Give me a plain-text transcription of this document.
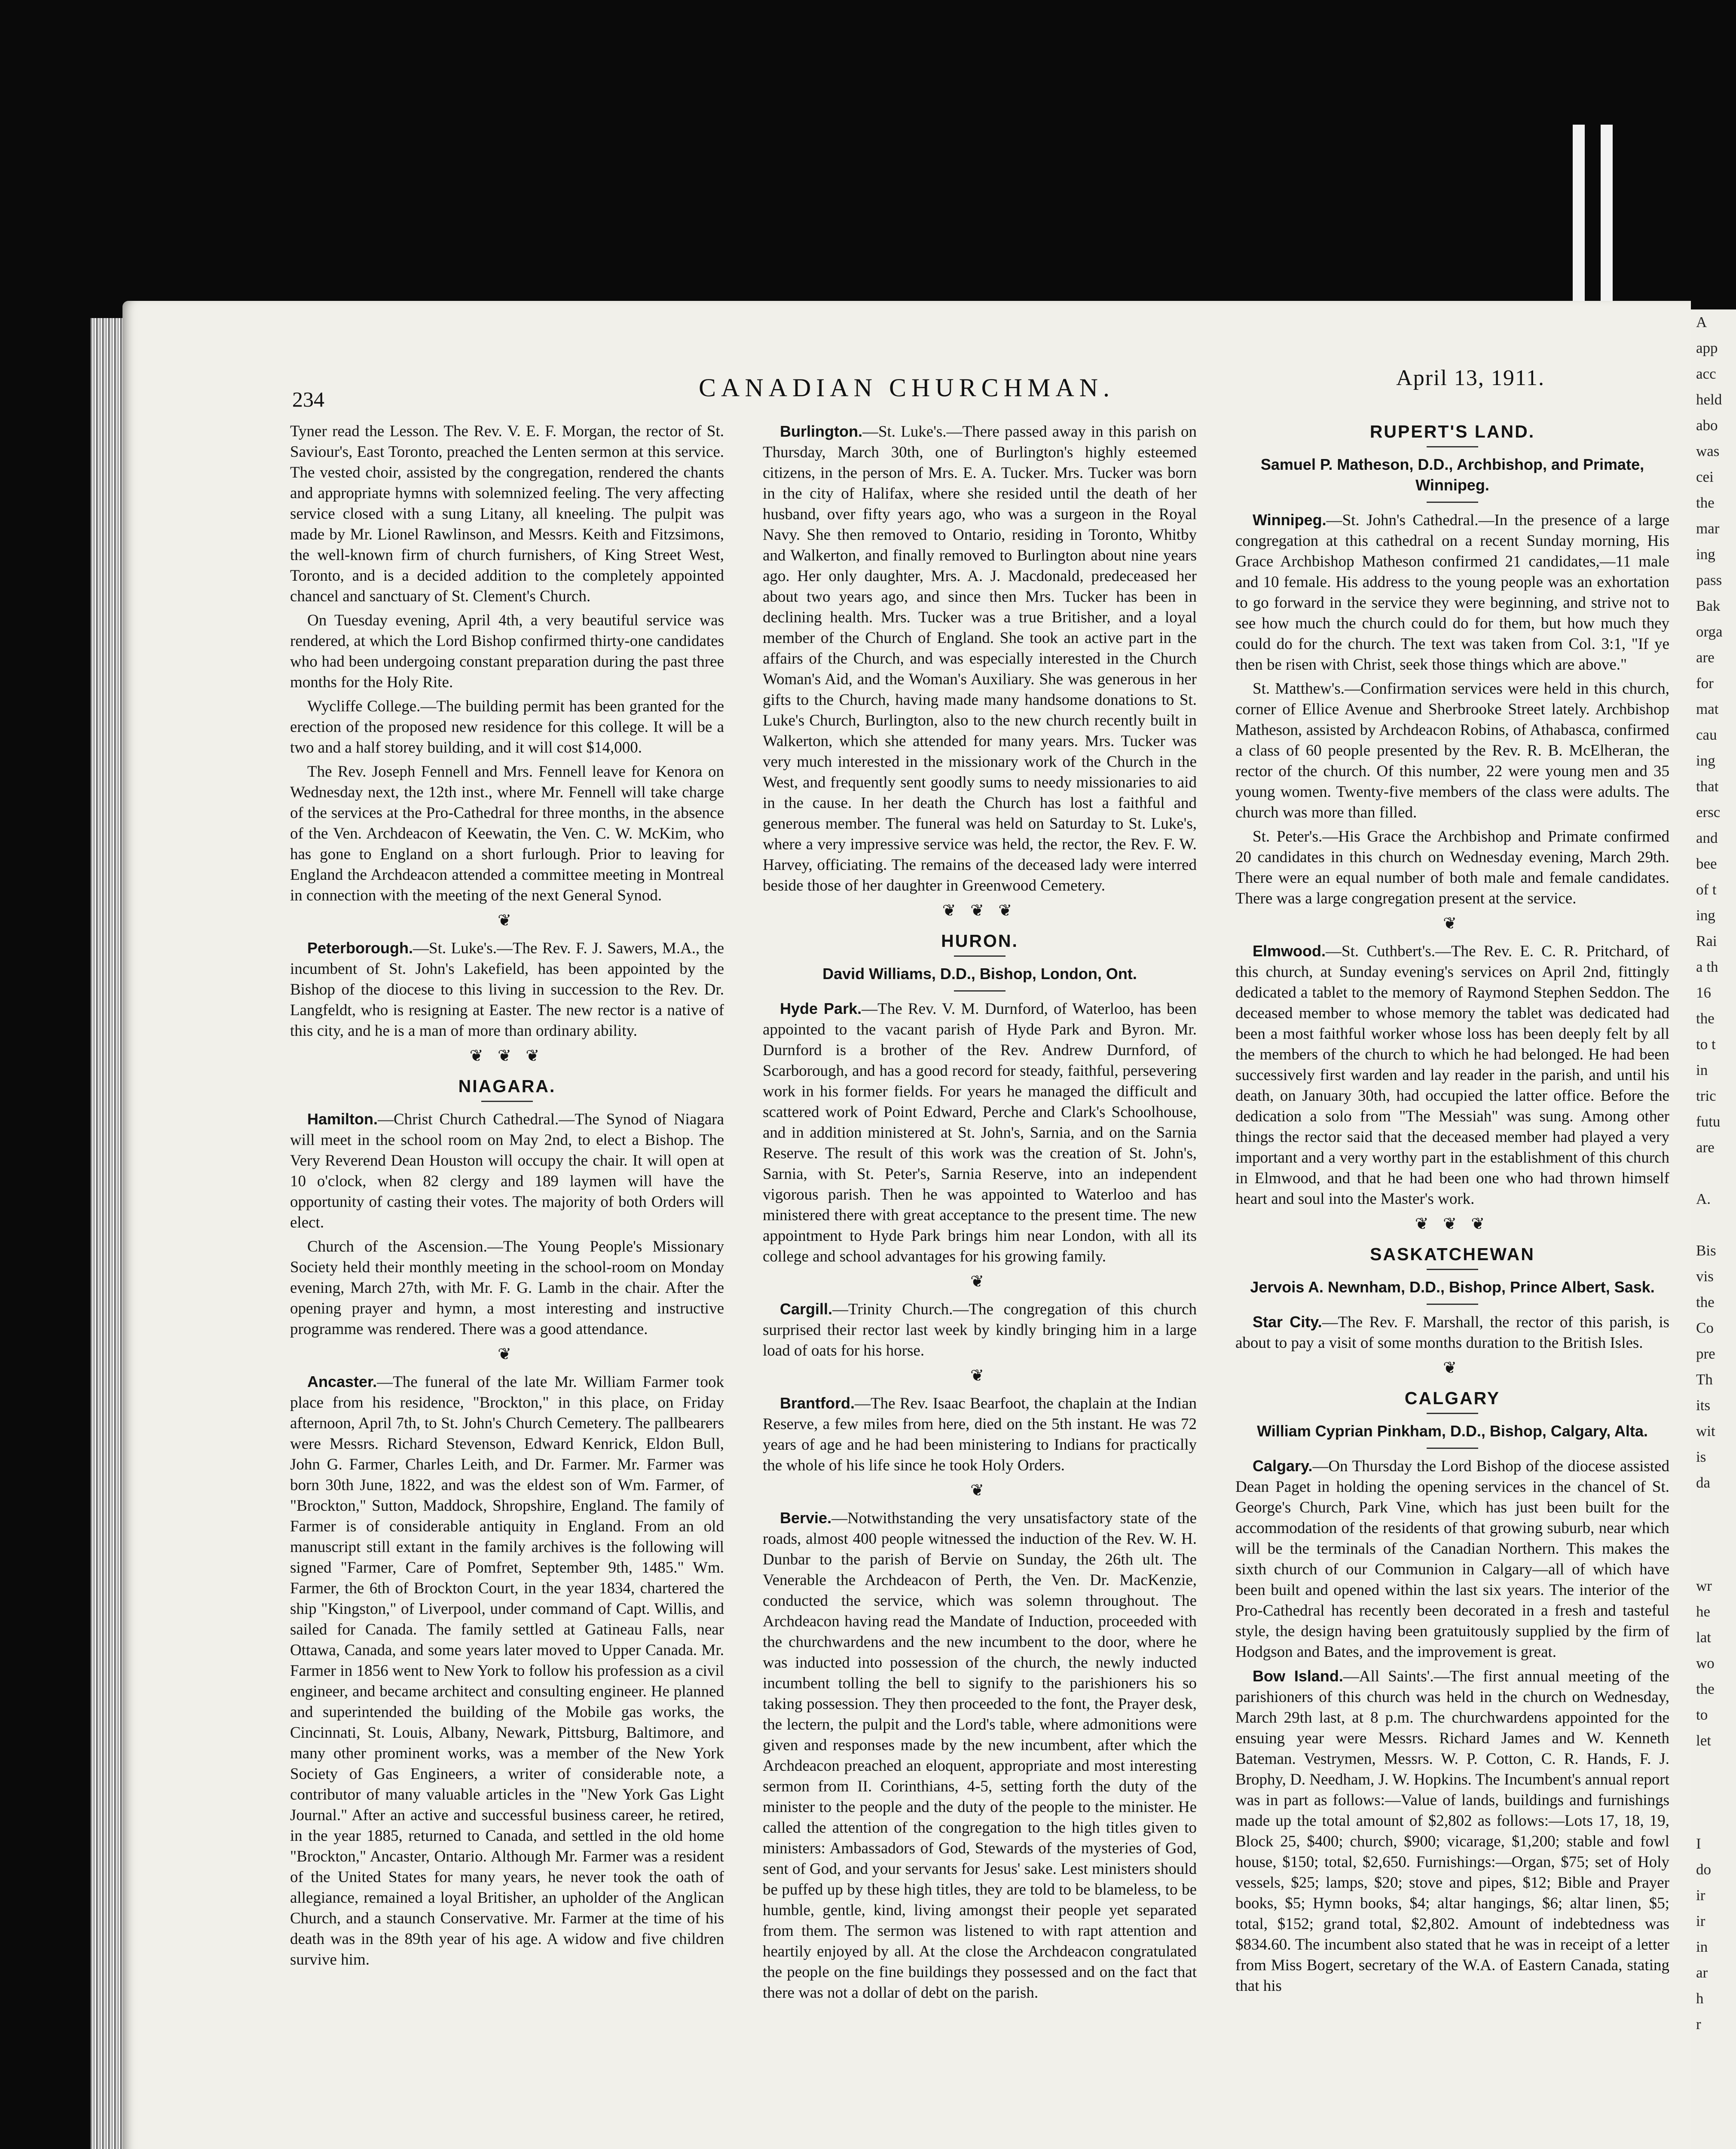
234	CANADIAN CHURCHMAN.	April 13, 1911.

Tyner read the Lesson. The Rev. V. E. F. Morgan, the rector of St. Saviour's, East Toronto, preached the Lenten sermon at this service. The vested choir, assisted by the congregation, rendered the chants and appropriate hymns with solemnized feeling. The very affecting service closed with a sung Litany, all kneeling. The pulpit was made by Mr. Lionel Rawlinson, and Messrs. Keith and Fitzsimons, the well-known firm of church furnishers, of King Street West, Toronto, and is a decided addition to the completely appointed chancel and sanctuary of St. Clement's Church.

On Tuesday evening, April 4th, a very beautiful service was rendered, at which the Lord Bishop confirmed thirty-one candidates who had been undergoing constant preparation during the past three months for the Holy Rite.

Wycliffe College.—The building permit has been granted for the erection of the proposed new residence for this college. It will be a two and a half storey building, and it will cost $14,000.

The Rev. Joseph Fennell and Mrs. Fennell leave for Kenora on Wednesday next, the 12th inst., where Mr. Fennell will take charge of the services at the Pro-Cathedral for three months, in the absence of the Ven. Archdeacon of Keewatin, the Ven. C. W. McKim, who has gone to England on a short furlough. Prior to leaving for England the Archdeacon attended a committee meeting in Montreal in connection with the meeting of the next General Synod.

❦

Peterborough.—St. Luke's.—The Rev. F. J. Sawers, M.A., the incumbent of St. John's Lakefield, has been appointed by the Bishop of the diocese to this living in succession to the Rev. Dr. Langfeldt, who is resigning at Easter. The new rector is a native of this city, and he is a man of more than ordinary ability.

❦ ❦ ❦
NIAGARA.

Hamilton.—Christ Church Cathedral.—The Synod of Niagara will meet in the school room on May 2nd, to elect a Bishop. The Very Reverend Dean Houston will occupy the chair. It will open at 10 o'clock, when 82 clergy and 189 laymen will have the opportunity of casting their votes. The majority of both Orders will elect.

Church of the Ascension.—The Young People's Missionary Society held their monthly meeting in the school-room on Monday evening, March 27th, with Mr. F. G. Lamb in the chair. After the opening prayer and hymn, a most interesting and instructive programme was rendered. There was a good attendance.

❦

Ancaster.—The funeral of the late Mr. William Farmer took place from his residence, "Brockton," in this place, on Friday afternoon, April 7th, to St. John's Church Cemetery. The pallbearers were Messrs. Richard Stevenson, Edward Kenrick, Eldon Bull, John G. Farmer, Charles Leith, and Dr. Farmer. Mr. Farmer was born 30th June, 1822, and was the eldest son of Wm. Farmer, of "Brockton," Sutton, Maddock, Shropshire, England. The family of Farmer is of considerable antiquity in England. From an old manuscript still extant in the family archives is the following will signed "Farmer, Care of Pomfret, September 9th, 1485." Wm. Farmer, the 6th of Brockton Court, in the year 1834, chartered the ship "Kingston," of Liverpool, under command of Capt. Willis, and sailed for Canada. The family settled at Gatineau Falls, near Ottawa, Canada, and some years later moved to Upper Canada. Mr. Farmer in 1856 went to New York to follow his profession as a civil engineer, and became architect and consulting engineer. He planned and superintended the building of the Mobile gas works, the Cincinnati, St. Louis, Albany, Newark, Pittsburg, Baltimore, and many other prominent works, was a member of the New York Society of Gas Engineers, a writer of considerable note, a contributor of many valuable articles in the "New York Gas Light Journal." After an active and successful business career, he retired, in the year 1885, returned to Canada, and settled in the old home "Brockton," Ancaster, Ontario. Although Mr. Farmer was a resident of the United States for many years, he never took the oath of allegiance, remained a loyal Britisher, an upholder of the Anglican Church, and a staunch Conservative. Mr. Farmer at the time of his death was in the 89th year of his age. A widow and five children survive him.

Burlington.—St. Luke's.—There passed away in this parish on Thursday, March 30th, one of Burlington's highly esteemed citizens, in the person of Mrs. E. A. Tucker. Mrs. Tucker was born in the city of Halifax, where she resided until the death of her husband, over fifty years ago, who was a surgeon in the Royal Navy. She then removed to Ontario, residing in Toronto, Whitby and Walkerton, and finally removed to Burlington about nine years ago. Her only daughter, Mrs. A. J. Macdonald, predeceased her about two years ago, and since then Mrs. Tucker has been in declining health. Mrs. Tucker was a true Britisher, and a loyal member of the Church of England. She took an active part in the affairs of the Church, and was especially interested in the Church Woman's Aid, and the Woman's Auxiliary. She was generous in her gifts to the Church, having made many handsome donations to St. Luke's Church, Burlington, also to the new church recently built in Walkerton, which she attended for many years. Mrs. Tucker was very much interested in the missionary work of the Church in the West, and frequently sent goodly sums to needy missionaries to aid in the cause. In her death the Church has lost a faithful and generous member. The funeral was held on Saturday to St. Luke's, where a very impressive service was held, the rector, the Rev. F. W. Harvey, officiating. The remains of the deceased lady were interred beside those of her daughter in Greenwood Cemetery.

❦ ❦ ❦
HURON.
David Williams, D.D., Bishop, London, Ont.

Hyde Park.—The Rev. V. M. Durnford, of Waterloo, has been appointed to the vacant parish of Hyde Park and Byron. Mr. Durnford is a brother of the Rev. Andrew Durnford, of Scarborough, and has a good record for steady, faithful, persevering work in his former fields. For years he managed the difficult and scattered work of Point Edward, Perche and Clark's Schoolhouse, and in addition ministered at St. John's, Sarnia, and on the Sarnia Reserve. The result of this work was the creation of St. John's, Sarnia, with St. Peter's, Sarnia Reserve, into an independent vigorous parish. Then he was appointed to Waterloo and has ministered there with great acceptance to the present time. The new appointment to Hyde Park brings him near London, with all its college and school advantages for his growing family.

❦

Cargill.—Trinity Church.—The congregation of this church surprised their rector last week by kindly bringing him in a large load of oats for his horse.

❦

Brantford.—The Rev. Isaac Bearfoot, the chaplain at the Indian Reserve, a few miles from here, died on the 5th instant. He was 72 years of age and he had been ministering to Indians for practically the whole of his life since he took Holy Orders.

❦

Bervie.—Notwithstanding the very unsatisfactory state of the roads, almost 400 people witnessed the induction of the Rev. W. H. Dunbar to the parish of Bervie on Sunday, the 26th ult. The Venerable the Archdeacon of Perth, the Ven. Dr. MacKenzie, conducted the service, which was solemn throughout. The Archdeacon having read the Mandate of Induction, proceeded with the churchwardens and the new incumbent to the door, where he was inducted into possession of the church, the newly inducted incumbent tolling the bell to signify to the parishioners his so taking possession. They then proceeded to the font, the Prayer desk, the lectern, the pulpit and the Lord's table, where admonitions were given and responses made by the new incumbent, after which the Archdeacon preached an eloquent, appropriate and most interesting sermon from II. Corinthians, 4-5, setting forth the duty of the minister to the people and the duty of the people to the minister. He called the attention of the congregation to the high titles given to ministers: Ambassadors of God, Stewards of the mysteries of God, sent of God, and your servants for Jesus' sake. Lest ministers should be puffed up by these high titles, they are told to be blameless, to be humble, gentle, kind, living amongst their people yet separated from them. The sermon was listened to with rapt attention and heartily enjoyed by all. At the close the Archdeacon congratulated the people on the fine buildings they possessed and on the fact that there was not a dollar of debt on the parish.

RUPERT'S LAND.
Samuel P. Matheson, D.D., Archbishop, and Primate, Winnipeg.

Winnipeg.—St. John's Cathedral.—In the presence of a large congregation at this cathedral on a recent Sunday morning, His Grace Archbishop Matheson confirmed 21 candidates,—11 male and 10 female. His address to the young people was an exhortation to go forward in the service they were beginning, and strive not to see how much the church could do for them, but how much they could do for the church. The text was taken from Col. 3:1, "If ye then be risen with Christ, seek those things which are above."

St. Matthew's.—Confirmation services were held in this church, corner of Ellice Avenue and Sherbrooke Street lately. Archbishop Matheson, assisted by Archdeacon Robins, of Athabasca, confirmed a class of 60 people presented by the Rev. R. B. McElheran, the rector of the church. Of this number, 22 were young men and 35 young women. Twenty-five members of the class were adults. The church was more than filled.

St. Peter's.—His Grace the Archbishop and Primate confirmed 20 candidates in this church on Wednesday evening, March 29th. There were an equal number of both male and female candidates. There was a large congregation present at the service.

❦

Elmwood.—St. Cuthbert's.—The Rev. E. C. R. Pritchard, of this church, at Sunday evening's services on April 2nd, fittingly dedicated a tablet to the memory of Raymond Stephen Seddon. The deceased member to whose memory the tablet was dedicated had been a most faithful worker whose loss has been deeply felt by all the members of the church to which he had belonged. He had been successively first warden and lay reader in the parish, and until his death, on January 30th, had occupied the latter office. Before the dedication a solo from "The Messiah" was sung. Among other things the rector said that the deceased member had played a very important and a very worthy part in the establishment of this church in Elmwood, and that he had been one who had thrown himself heart and soul into the Master's work.

❦ ❦ ❦
SASKATCHEWAN
Jervois A. Newnham, D.D., Bishop, Prince Albert, Sask.

Star City.—The Rev. F. Marshall, the rector of this parish, is about to pay a visit of some months duration to the British Isles.

❦
CALGARY
William Cyprian Pinkham, D.D., Bishop, Calgary, Alta.

Calgary.—On Thursday the Lord Bishop of the diocese assisted Dean Paget in holding the opening services in the chancel of St. George's Church, Park Vine, which has just been built for the accommodation of the residents of that growing suburb, near which will be the terminals of the Canadian Northern. This makes the sixth church of our Communion in Calgary—all of which have been built and opened within the last six years. The interior of the Pro-Cathedral has recently been decorated in a fresh and tasteful style, the design having been gratuitously supplied by the firm of Hodgson and Bates, and the improvement is great.

Bow Island.—All Saints'.—The first annual meeting of the parishioners of this church was held in the church on Wednesday, March 29th last, at 8 p.m. The churchwardens appointed for the ensuing year were Messrs. Richard James and W. Kenneth Bateman. Vestrymen, Messrs. W. P. Cotton, C. R. Hands, F. J. Brophy, D. Needham, J. W. Hopkins. The Incumbent's annual report was in part as follows:—Value of lands, buildings and furnishings made up the total amount of $2,802 as follows:—Lots 17, 18, 19, Block 25, $400; church, $900; vicarage, $1,200; stable and fowl house, $150; total, $2,650. Furnishings:—Organ, $75; set of Holy vessels, $25; lamps, $20; stove and pipes, $12; Bible and Prayer books, $5; Hymn books, $4; altar hangings, $6; altar linen, $5; total, $152; grand total, $2,802. Amount of indebtedness was $834.60. The incumbent also stated that he was in receipt of a letter from Miss Bogert, secretary of the W.A. of Eastern Canada, stating that his

A
app
acc
held
abo
was
cei
the
mar
ing
pass
Bak
orga
are
for
mat
cau
ing
that
ersc
and
bee
of t
ing
Rai
a th
16
the
to t
in
tric
futu
are

A.

Bis
vis
the
Co
pre
Th
its
wit
is
da

wr
he
lat
wo
the
to
let

I
do
ir
ir
in
ar
h
r
